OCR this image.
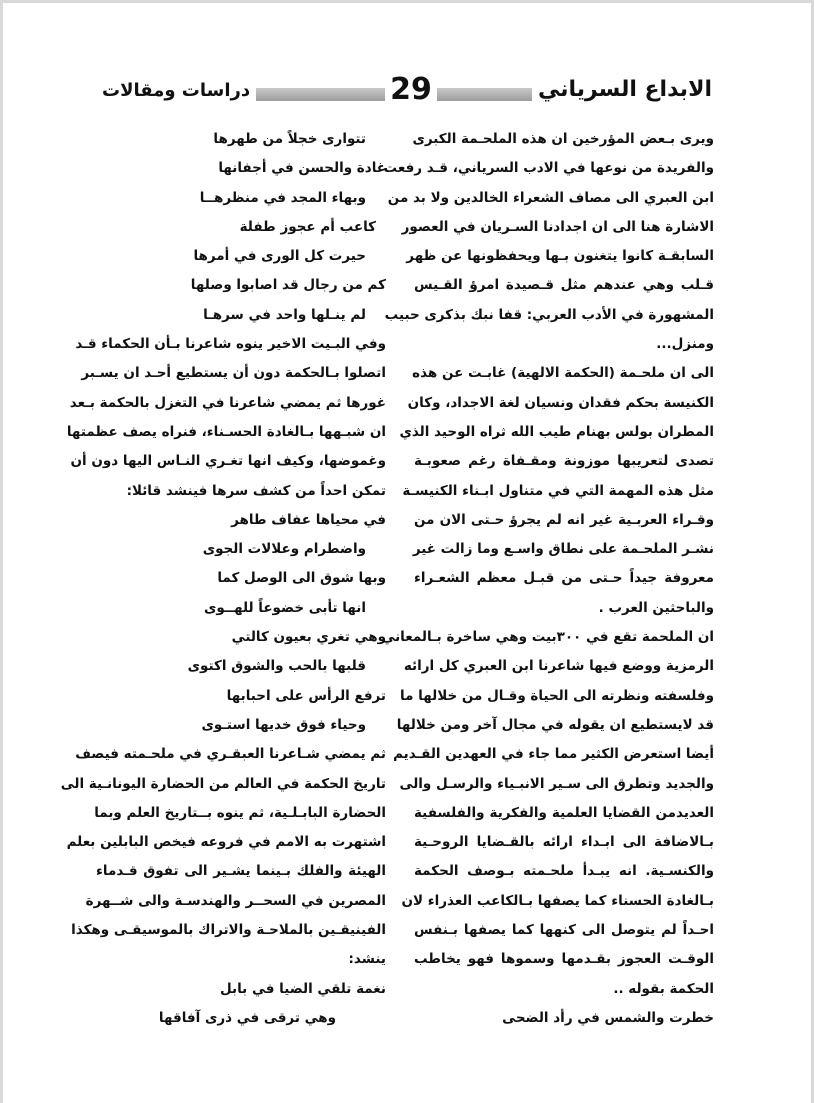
29	الابداع السرياني
دراسات ومقالات
ويرى بـعض المؤرخين ان هذه الملحـمة الكبرى
والفريدة من نوعها في الادب السرياني، قـد رفعت
ابن العبري الى مصاف الشعراء الخالدين ولا بد من
الاشارة هنا الى ان اجدادنا السـريان في العصور
السابقـة كانوا يتغنون بـها ويحفظونها عن ظهر
قـلب وهي عندهم مثل قـصيدة امرؤ القـيس
المشهورة في الأدب العربي: قفا نبك بذكرى حبيب
ومنزل...
الى ان ملحـمة (الحكمة الالهية) غابـت عن هذه
الكنيسة بحكم فقدان ونسيان لغة الاجداد، وكان
المطران بولس بهنام طيب الله ثراه الوحيد الذي
تصدى لتعريبها موزونة ومقـفاة رغم صعوبـة
مثل هذه المهمة التي في متناول ابـناء الكنيسـة
وقـراء العربـية غير انه لم يجرؤ حـتى الان من
نشـر الملحـمة على نطاق واسـع وما زالت غير
معروفة جيداً حـتى من قبـل معظم الشعـراء
والباحثين العرب .
ان الملحمة تقع في ٣٠٠بيت وهي ساخرة بـالمعاني
الرمزية ووضع فيها شاعرنا ابن العبري كل ارائه
وفلسفته ونظرته الى الحياة وقـال من خلالها ما
قد لايستطيع ان يقوله في مجال آخر ومن خلالها
أيضا استعرض الكثير مما جاء في العهدين القـديم
والجديد وتطرق الى سـير الانبـياء والرسـل والى
العديدمن القضايا العلمية والفكرية والفلسفية
بـالاضافة الى ابـداء ارائه بالقـضايا الروحـية
والكنسـية. انه يبـدأ ملحـمته بـوصف الحكمة
بـالغادة الحسناء كما يصفها بـالكاعب العذراء لان
احـداً لم يتوصل الى كنهها كما يصفها بـنفس
الوقـت العجوز بقـدمها وسموها فهو يخاطب
الحكمة بقوله ..
خطرت والشمس في رأد الضحى
تتوارى خجلاً من طهرها
غادة والحسن في أجفانها
وبهاء المجد في منظرهــا
كاعب أم عجوز طفلة
حيرت كل الورى في أمرها
كم من رجال قد اصابوا وصلها
لم ينـلها واحد في سرهـا
وفي البـيت الاخير ينوه شاعرنا بـأن الحكماء قـد
اتصلوا بـالحكمة دون أن يستطيع أحـد ان يسـبر
غورها ثم يمضي شاعرنا في التغزل بالحكمة بـعد
ان شبـهها بـالغادة الحسـناء، فنراه يصف عظمتها
وغموضها، وكيف انها تغـري النـاس اليها دون أن
تمكن احداً من كشف سرها فينشد قائلا:
في محياها عفاف طاهر
واضطرام وعلالات الجوى
وبها شوق الى الوصل كما
انها تأبى خضوعاً للهــوى
وهي تغري بعيون كالتي
قلبها بالحب والشوق اكتوى
ترفع الرأس على احبابها
وحياء فوق خديها استـوى
ثم يمضي شـاعرنا العبقـري في ملحـمته فيصف
تاريخ الحكمة في العالم من الحضارة اليونانـية الى
الحضارة البابـلـية، ثم ينوه بــتاريخ العلم وبما
اشتهرت به الامم في فروعه فيخص البابلين بعلم
الهيئة والفلك بـينما يشـير الى تفوق قـدماء
المصرين في السحــر والهندسـة والى شــهرة
الفينيقـين بالملاحـة والاتراك بالموسيقـى وهكذا
ينشد:
نغمة تلقي الضيا في بابل
وهي ترقى في ذرى آفاقها
